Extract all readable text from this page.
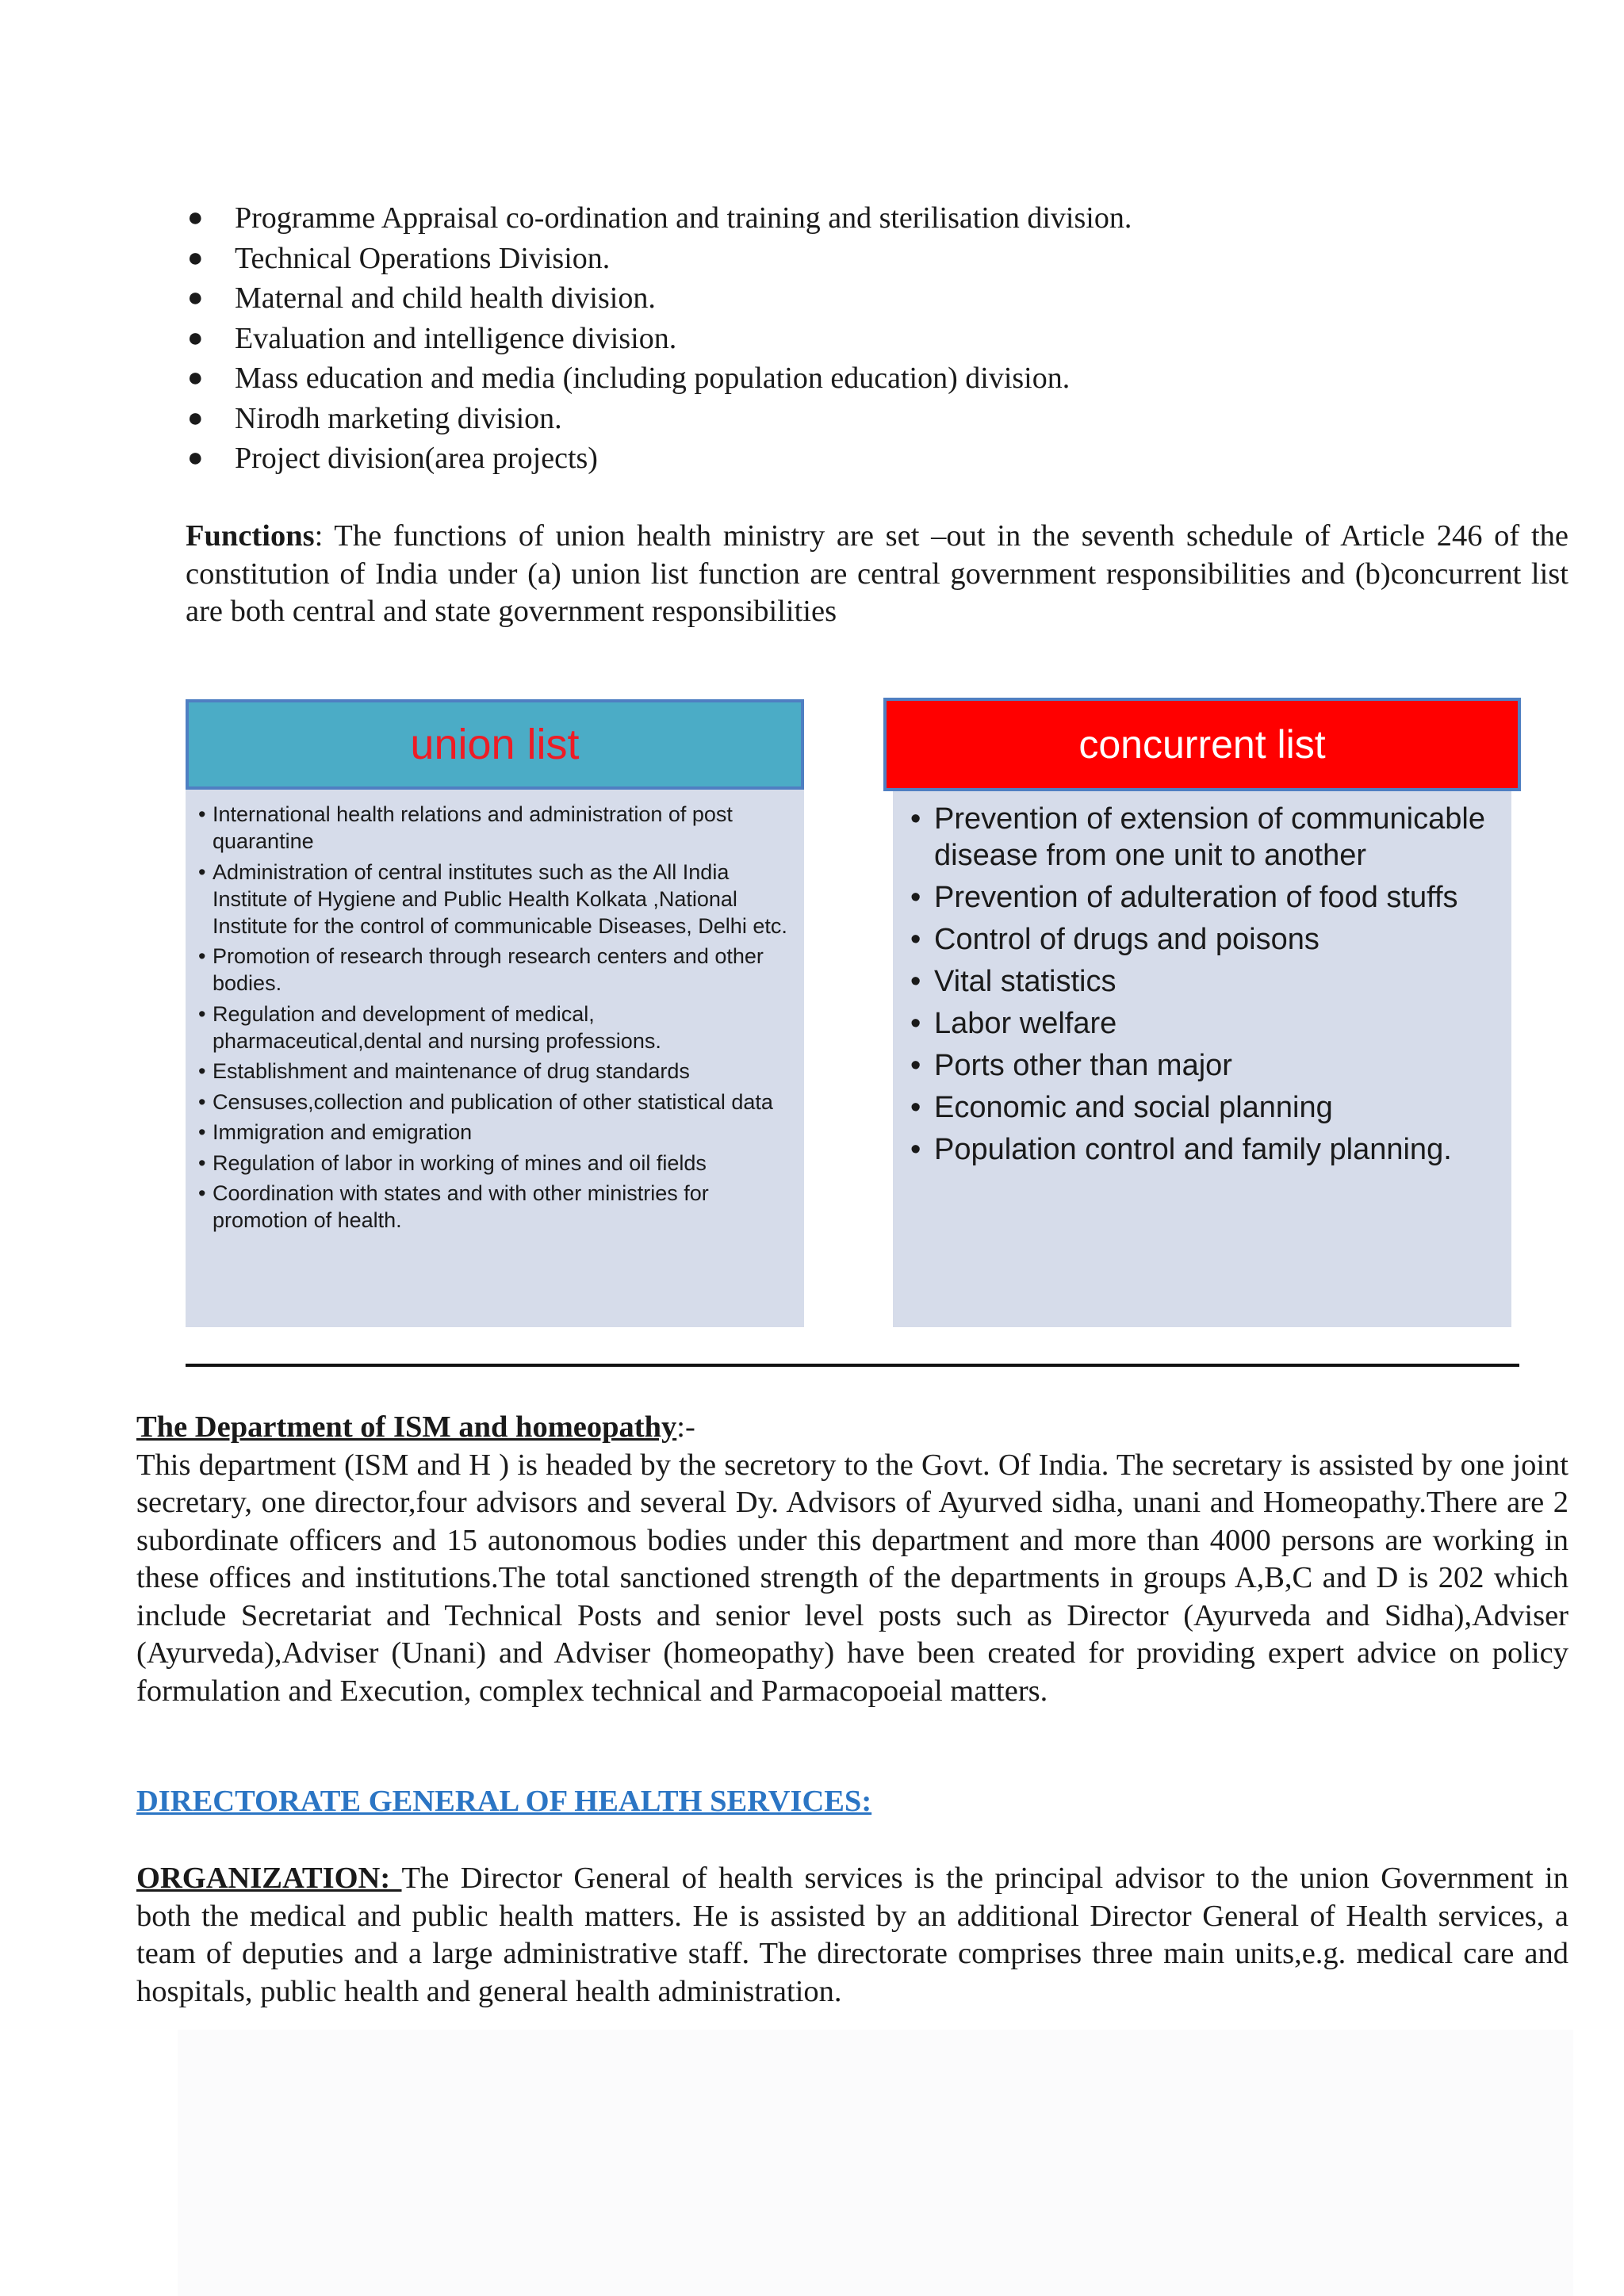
● Programme Appraisal co-ordination and training and sterilisation division.
● Technical Operations Division.
● Maternal and child health division.
● Evaluation and intelligence division.
● Mass education and media (including population education) division.
● Nirodh marketing division.
● Project division(area projects)

Functions: The functions of union health ministry are set –out in the seventh schedule of Article 246 of the constitution of India under (a) union list function are central government responsibilities and (b)concurrent list are both central and state government responsibilities

union list	concurrent list
• International health relations and administration of post quarantine
• Administration of central institutes such as the All India Institute of Hygiene and Public Health Kolkata ,National Institute for the control of communicable Diseases, Delhi etc.
• Promotion of research through research centers and other bodies.
• Regulation and development of medical, pharmaceutical,dental and nursing professions.
• Establishment and maintenance of drug standards
• Censuses,collection and publication of other statistical data
• Immigration and emigration
• Regulation of labor in working of mines and oil fields
• Coordination with states and with other ministries for promotion of health.
• Prevention of extension of communicable disease from one unit to another
• Prevention of adulteration of food stuffs
• Control of drugs and poisons
• Vital statistics
• Labor welfare
• Ports other than major
• Economic and social planning
• Population control and family planning.

The Department of ISM and homeopathy:-
This department (ISM and H ) is headed by the secretory to the Govt. Of India. The secretary is assisted by one joint secretary, one director,four advisors and several Dy. Advisors of Ayurved sidha, unani and Homeopathy.There are 2 subordinate officers and 15 autonomous bodies under this department and more than 4000 persons are working in these offices and institutions.The total sanctioned strength of the departments in groups A,B,C and D is 202 which include Secretariat and Technical Posts and senior level posts such as Director (Ayurveda and Sidha),Adviser (Ayurveda),Adviser (Unani) and Adviser (homeopathy) have been created for providing expert advice on policy formulation and Execution, complex technical and Parmacopoeial matters.

DIRECTORATE GENERAL OF HEALTH SERVICES:

ORGANIZATION: The Director General of health services is the principal advisor to the union Government in both the medical and public health matters. He is assisted by an additional Director General of Health services, a team of deputies and a large administrative staff. The directorate comprises three main units,e.g. medical care and hospitals, public health and general health administration.
